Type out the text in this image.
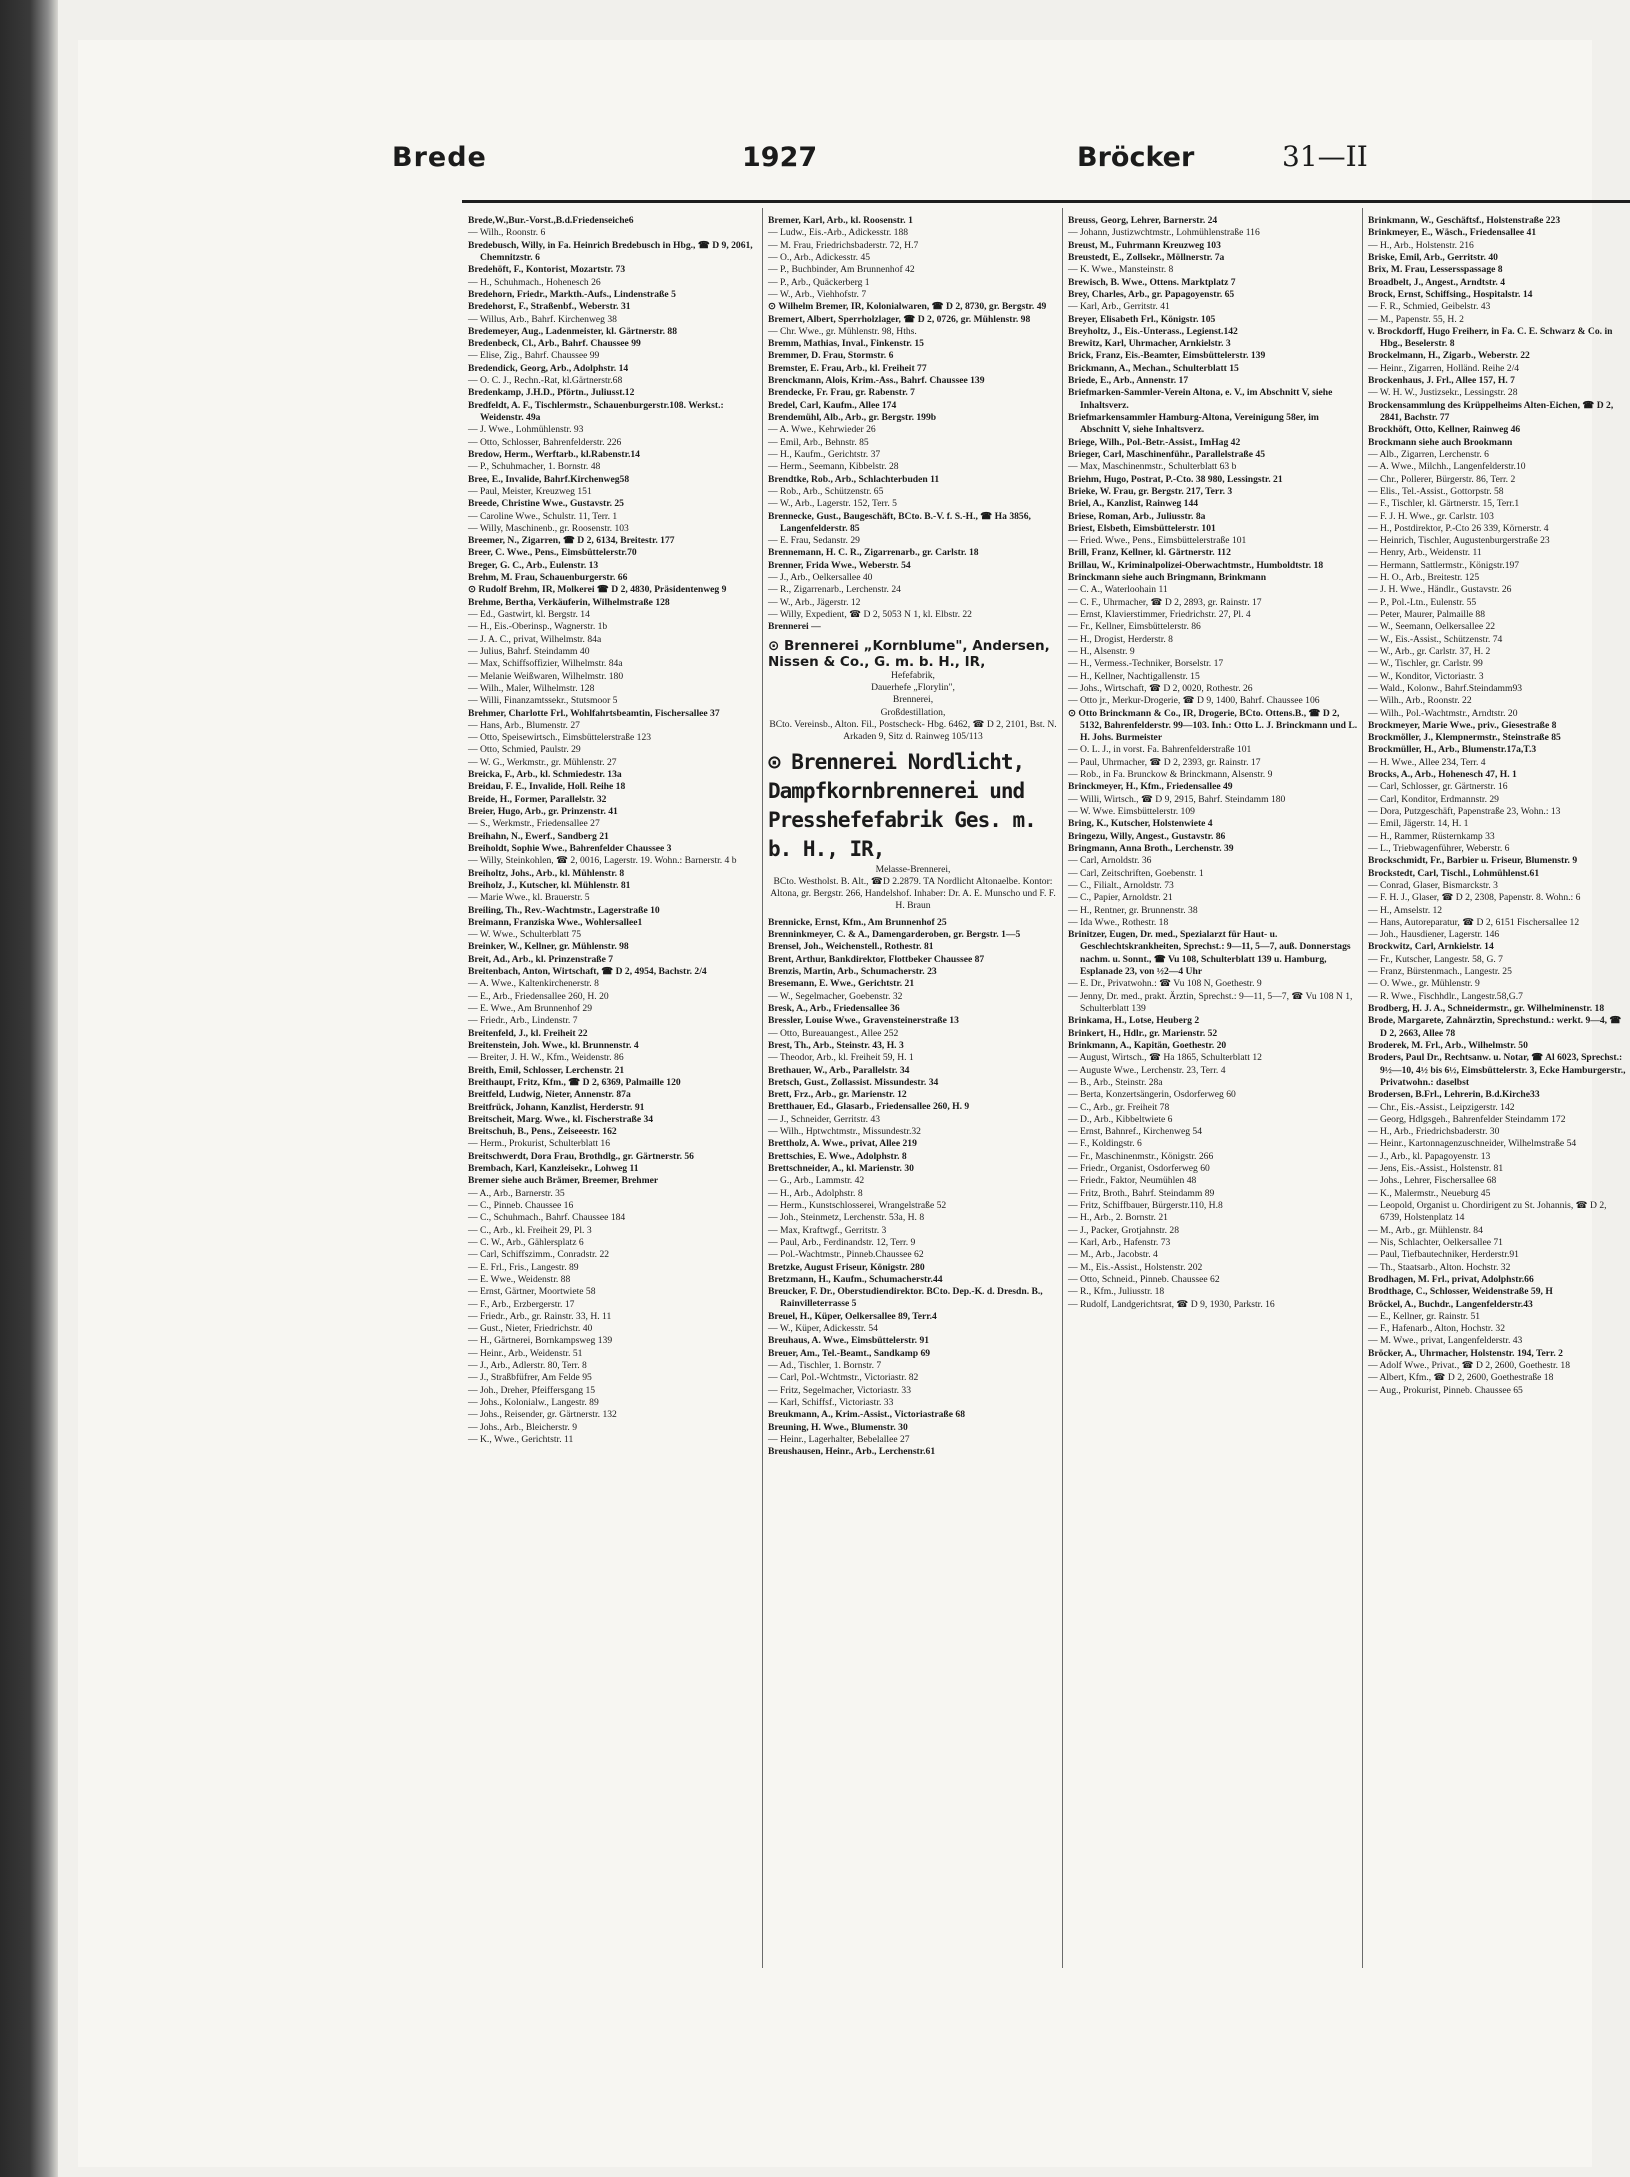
Brede	1927	Bröcker	31—II

Brede,W.,Bur.-Vorst.,B.d.Friedenseiche6

— Wilh., Roonstr. 6

Bredebusch, Willy, in Fa. Heinrich Bredebusch in Hbg., ☎ D 9, 2061, Chemnitzstr. 6

Bredehöft, F., Kontorist, Mozartstr. 73

— H., Schuhmach., Hohenesch 26

Bredehorn, Friedr., Markth.-Aufs., Lindenstraße 5

Bredehorst, F., Straßenbf., Weberstr. 31

— Willus, Arb., Bahrf. Kirchenweg 38

Bredemeyer, Aug., Ladenmeister, kl. Gärtnerstr. 88

Bredenbeck, Cl., Arb., Bahrf. Chaussee 99

— Elise, Zig., Bahrf. Chaussee 99

Bredendick, Georg, Arb., Adolphstr. 14

— O. C. J., Rechn.-Rat, kl.Gärtnerstr.68

Bredenkamp, J.H.D., Pförtn., Juliusst.12

Bredfeldt, A. F., Tischlermstr., Schauenburgerstr.108. Werkst.: Weidenstr. 49a

— J. Wwe., Lohmühlenstr. 93

— Otto, Schlosser, Bahrenfelderstr. 226

Bredow, Herm., Werftarb., kl.Rabenstr.14

— P., Schuhmacher, 1. Bornstr. 48

Bree, E., Invalide, Bahrf.Kirchenweg58

— Paul, Meister, Kreuzweg 151

Breede, Christine Wwe., Gustavstr. 25

— Caroline Wwe., Schulstr. 11, Terr. 1

— Willy, Maschinenb., gr. Roosenstr. 103

Breemer, N., Zigarren, ☎ D 2, 6134, Breitestr. 177

Breer, C. Wwe., Pens., Eimsbüttelerstr.70

Breger, G. C., Arb., Eulenstr. 13

Brehm, M. Frau, Schauenburgerstr. 66

⊙ Rudolf Brehm, IR, Molkerei ☎ D 2, 4830, Präsidentenweg 9

Brehme, Bertha, Verkäuferin, Wilhelmstraße 128

— Ed., Gastwirt, kl. Bergstr. 14

— H., Eis.-Oberinsp., Wagnerstr. 1b

— J. A. C., privat, Wilhelmstr. 84a

— Julius, Bahrf. Steindamm 40

— Max, Schiffsoffizier, Wilhelmstr. 84a

— Melanie Weißwaren, Wilhelmstr. 180

— Wilh., Maler, Wilhelmstr. 128

— Willi, Finanzamtssekr., Stutsmoor 5

Brehmer, Charlotte Frl., Wohlfahrtsbeamtin, Fischersallee 37

— Hans, Arb., Blumenstr. 27

— Otto, Speisewirtsch., Eimsbüttelerstraße 123

— Otto, Schmied, Paulstr. 29

— W. G., Werkmstr., gr. Mühlenstr. 27

Breicka, F., Arb., kl. Schmiedestr. 13a

Breidau, F. E., Invalide, Holl. Reihe 18

Breide, H., Former, Parallelstr. 32

Breier, Hugo, Arb., gr. Prinzenstr. 41

— S., Werkmstr., Friedensallee 27

Breihahn, N., Ewerf., Sandberg 21

Breiholdt, Sophie Wwe., Bahrenfelder Chaussee 3

— Willy, Steinkohlen, ☎ 2, 0016, Lagerstr. 19. Wohn.: Barnerstr. 4 b

Breiholtz, Johs., Arb., kl. Mühlenstr. 8

Breiholz, J., Kutscher, kl. Mühlenstr. 81

— Marie Wwe., kl. Brauerstr. 5

Breiling, Th., Rev.-Wachtmstr., Lagerstraße 10

Breimann, Franziska Wwe., Wohlersallee1

— W. Wwe., Schulterblatt 75

Breinker, W., Kellner, gr. Mühlenstr. 98

Breit, Ad., Arb., kl. Prinzenstraße 7

Breitenbach, Anton, Wirtschaft, ☎ D 2, 4954, Bachstr. 2/4

— A. Wwe., Kaltenkirchenerstr. 8

— E., Arb., Friedensallee 260, H. 20

— E. Wwe., Am Brunnenhof 29

— Friedr., Arb., Lindenstr. 7

Breitenfeld, J., kl. Freiheit 22

Breitenstein, Joh. Wwe., kl. Brunnenstr. 4

— Breiter, J. H. W., Kfm., Weidenstr. 86

Breith, Emil, Schlosser, Lerchenstr. 21

Breithaupt, Fritz, Kfm., ☎ D 2, 6369, Palmaille 120

Breitfeld, Ludwig, Nieter, Annenstr. 87a

Breitfrück, Johann, Kanzlist, Herderstr. 91

Breitscheit, Marg. Wwe., kl. Fischerstraße 34

Breitschuh, B., Pens., Zeiseeestr. 162

— Herm., Prokurist, Schulterblatt 16

Breitschwerdt, Dora Frau, Brothdlg., gr. Gärtnerstr. 56

Brembach, Karl, Kanzleisekr., Lohweg 11

Bremer siehe auch Brämer, Breemer, Brehmer

— A., Arb., Barnerstr. 35

— C., Pinneb. Chaussee 16

— C., Schuhmach., Bahrf. Chaussee 184

— C., Arb., kl. Freiheit 29, Pl. 3

— C. W., Arb., Gählersplatz 6

— Carl, Schiffszimm., Conradstr. 22

— E. Frl., Fris., Langestr. 89

— E. Wwe., Weidenstr. 88

— Ernst, Gärtner, Moortwiete 58

— F., Arb., Erzbergerstr. 17

— Friedr., Arb., gr. Rainstr. 33, H. 11

— Gust., Nieter, Friedrichstr. 40

— H., Gärtnerei, Bornkampsweg 139

— Heinr., Arb., Weidenstr. 51

— J., Arb., Adlerstr. 80, Terr. 8

— J., Straßbfüfrer, Am Felde 95

— Joh., Dreher, Pfeiffersgang 15

— Johs., Kolonialw., Langestr. 89

— Johs., Reisender, gr. Gärtnerstr. 132

— Johs., Arb., Bleicherstr. 9

— K., Wwe., Gerichtstr. 11

Bremer, Karl, Arb., kl. Roosenstr. 1

— Ludw., Eis.-Arb., Adickesstr. 188

— M. Frau, Friedrichsbaderstr. 72, H.7

— O., Arb., Adickesstr. 45

— P., Buchbinder, Am Brunnenhof 42

— P., Arb., Quäckerberg 1

— W., Arb., Viehhofstr. 7

⊙ Wilhelm Bremer, IR, Kolonialwaren, ☎ D 2, 8730, gr. Bergstr. 49

Bremert, Albert, Sperrholzlager, ☎ D 2, 0726, gr. Mühlenstr. 98

— Chr. Wwe., gr. Mühlenstr. 98, Hths.

Bremm, Mathias, Inval., Finkenstr. 15

Bremmer, D. Frau, Stormstr. 6

Bremster, E. Frau, Arb., kl. Freiheit 77

Brenckmann, Alois, Krim.-Ass., Bahrf. Chaussee 139

Brendecke, Fr. Frau, gr. Rabenstr. 7

Bredel, Carl, Kaufm., Allee 174

Brendemühl, Alb., Arb., gr. Bergstr. 199b

— A. Wwe., Kehrwieder 26

— Emil, Arb., Behnstr. 85

— H., Kaufm., Gerichtstr. 37

— Herm., Seemann, Kibbelstr. 28

Brendtke, Rob., Arb., Schlachterbuden 11

— Rob., Arb., Schützenstr. 65

— W., Arb., Lagerstr. 152, Terr. 5

Brennecke, Gust., Baugeschäft, BCto. B.-V. f. S.-H., ☎ Ha 3856, Langenfelderstr. 85

— E. Frau, Sedanstr. 29

Brennemann, H. C. R., Zigarrenarb., gr. Carlstr. 18

Brenner, Frida Wwe., Weberstr. 54

— J., Arb., Oelkersallee 40

— R., Zigarrenarb., Lerchenstr. 24

— W., Arb., Jägerstr. 12

— Willy, Expedient, ☎ D 2, 5053 N 1, kl. Elbstr. 22

Brennerei —

⊙ Brennerei „Kornblume", Andersen, Nissen & Co., G. m. b. H., IR,
Hefefabrik,
Dauerhefe „Florylin",
Brennerei,
Großdestillation,
BCto. Vereinsb., Alton. Fil., Postscheck- Hbg. 6462, ☎ D 2, 2101, Bst. N. Arkaden 9, Sitz d. Rainweg 105/113
⊙ Brennerei Nordlicht, Dampfkornbrennerei und Presshefefabrik Ges. m. b. H., IR,
Melasse-Brennerei,
BCto. Westholst. B. Alt., ☎D 2.2879. TA Nordlicht Altonaelbe. Kontor: Altona, gr. Bergstr. 266, Handelshof. Inhaber: Dr. A. E. Munscho und F. F. H. Braun

Brennicke, Ernst, Kfm., Am Brunnenhof 25

Brenninkmeyer, C. & A., Damengarderoben, gr. Bergstr. 1—5

Brensel, Joh., Weichenstell., Rothestr. 81

Brent, Arthur, Bankdirektor, Flottbeker Chaussee 87

Brenzis, Martin, Arb., Schumacherstr. 23

Bresemann, E. Wwe., Gerichtstr. 21

— W., Segelmacher, Goebenstr. 32

Bresk, A., Arb., Friedensallee 36

Bressler, Louise Wwe., Gravensteinerstraße 13

— Otto, Bureauangest., Allee 252

Brest, Th., Arb., Steinstr. 43, H. 3

— Theodor, Arb., kl. Freiheit 59, H. 1

Brethauer, W., Arb., Parallelstr. 34

Bretsch, Gust., Zollassist. Missundestr. 34

Brett, Frz., Arb., gr. Marienstr. 12

Bretthauer, Ed., Glasarb., Friedensallee 260, H. 9

— J., Schneider, Gerritstr. 43

— Wilh., Hptwchtmstr., Missundestr.32

Brettholz, A. Wwe., privat, Allee 219

Brettschies, E. Wwe., Adolphstr. 8

Brettschneider, A., kl. Marienstr. 30

— G., Arb., Lammstr. 42

— H., Arb., Adolphstr. 8

— Herm., Kunstschlosserei, Wrangelstraße 52

— Joh., Steinmetz, Lerchenstr. 53a, H. 8

— Max, Kraftwgf., Gerritstr. 3

— Paul, Arb., Ferdinandstr. 12, Terr. 9

— Pol.-Wachtmstr., Pinneb.Chaussee 62

Bretzke, August Friseur, Königstr. 280

Bretzmann, H., Kaufm., Schumacherstr.44

Breucker, F. Dr., Oberstudiendirektor. BCto. Dep.-K. d. Dresdn. B., Rainvilleterrasse 5

Breuel, H., Küper, Oelkersallee 89, Terr.4

— W., Küper, Adickesstr. 54

Breuhaus, A. Wwe., Eimsbüttelerstr. 91

Breuer, Am., Tel.-Beamt., Sandkamp 69

— Ad., Tischler, 1. Bornstr. 7

— Carl, Pol.-Wchtmstr., Victoriastr. 82

— Fritz, Segelmacher, Victoriastr. 33

— Karl, Schiffsf., Victoriastr. 33

Breukmann, A., Krim.-Assist., Victoriastraße 68

Breuning, H. Wwe., Blumenstr. 30

— Heinr., Lagerhalter, Bebelallee 27

Breushausen, Heinr., Arb., Lerchenstr.61

Breuss, Georg, Lehrer, Barnerstr. 24

— Johann, Justizwchtmstr., Lohmühlenstraße 116

Breust, M., Fuhrmann Kreuzweg 103

Breustedt, E., Zollsekr., Möllnerstr. 7a

— K. Wwe., Mansteinstr. 8

Brewisch, B. Wwe., Ottens. Marktplatz 7

Brey, Charles, Arb., gr. Papagoyenstr. 65

— Karl, Arb., Gerritstr. 41

Breyer, Elisabeth Frl., Königstr. 105

Breyholtz, J., Eis.-Unterass., Legienst.142

Brewitz, Karl, Uhrmacher, Arnkielstr. 3

Brick, Franz, Eis.-Beamter, Eimsbüttelerstr. 139

Brickmann, A., Mechan., Schulterblatt 15

Briede, E., Arb., Annenstr. 17

Briefmarken-Sammler-Verein Altona, e. V., im Abschnitt V, siehe Inhaltsverz.

Briefmarkensammler Hamburg-Altona, Vereinigung 58er, im Abschnitt V, siehe Inhaltsverz.

Briege, Wilh., Pol.-Betr.-Assist., ImHag 42

Brieger, Carl, Maschinenführ., Parallelstraße 45

— Max, Maschinenmstr., Schulterblatt 63 b

Briehm, Hugo, Postrat, P.-Cto. 38 980, Lessingstr. 21

Brieke, W. Frau, gr. Bergstr. 217, Terr. 3

Briel, A., Kanzlist, Rainweg 144

Briese, Roman, Arb., Juliusstr. 8a

Briest, Elsbeth, Eimsbüttelerstr. 101

— Fried. Wwe., Pens., Eimsbüttelerstraße 101

Brill, Franz, Kellner, kl. Gärtnerstr. 112

Brillau, W., Kriminalpolizei-Oberwachtmstr., Humboldtstr. 18

Brinckmann siehe auch Bringmann, Brinkmann

— C. A., Waterloohain 11

— C. F., Uhrmacher, ☎ D 2, 2893, gr. Rainstr. 17

— Ernst, Klavierstimmer, Friedrichstr. 27, Pl. 4

— Fr., Kellner, Eimsbüttelerstr. 86

— H., Drogist, Herderstr. 8

— H., Alsenstr. 9

— H., Vermess.-Techniker, Borselstr. 17

— H., Kellner, Nachtigallenstr. 15

— Johs., Wirtschaft, ☎ D 2, 0020, Rothestr. 26

— Otto jr., Merkur-Drogerie, ☎ D 9, 1400, Bahrf. Chaussee 106

⊙ Otto Brinckmann & Co., IR, Drogerie, BCto. Ottens.B., ☎ D 2, 5132, Bahrenfelderstr. 99—103. Inh.: Otto L. J. Brinckmann und L. H. Johs. Burmeister

— O. L. J., in vorst. Fa. Bahrenfelderstraße 101

— Paul, Uhrmacher, ☎ D 2, 2393, gr. Rainstr. 17

— Rob., in Fa. Brunckow & Brinckmann, Alsenstr. 9

Brinckmeyer, H., Kfm., Friedensallee 49

— Willi, Wirtsch., ☎ D 9, 2915, Bahrf. Steindamm 180

— W. Wwe. Eimsbüttelerstr. 109

Bring, K., Kutscher, Holstenwiete 4

Bringezu, Willy, Angest., Gustavstr. 86

Bringmann, Anna Broth., Lerchenstr. 39

— Carl, Arnoldstr. 36

— Carl, Zeitschriften, Goebenstr. 1

— C., Filialt., Arnoldstr. 73

— C., Papier, Arnoldstr. 21

— H., Rentner, gr. Brunnenstr. 38

— Ida Wwe., Rothestr. 18

Brinitzer, Eugen, Dr. med., Spezialarzt für Haut- u. Geschlechtskrankheiten, Sprechst.: 9—11, 5—7, auß. Donnerstags nachm. u. Sonnt., ☎ Vu 108, Schulterblatt 139 u. Hamburg, Esplanade 23, von ½2—4 Uhr

— E. Dr., Privatwohn.: ☎ Vu 108 N, Goethestr. 9

— Jenny, Dr. med., prakt. Ärztin, Sprechst.: 9—11, 5—7, ☎ Vu 108 N 1, Schulterblatt 139

Brinkama, H., Lotse, Heuberg 2

Brinkert, H., Hdlr., gr. Marienstr. 52

Brinkmann, A., Kapitän, Goethestr. 20

— August, Wirtsch., ☎ Ha 1865, Schulterblatt 12

— Auguste Wwe., Lerchenstr. 23, Terr. 4

— B., Arb., Steinstr. 28a

— Berta, Konzertsängerin, Osdorferweg 60

— C., Arb., gr. Freiheit 78

— D., Arb., Kibbeltwiete 6

— Ernst, Bahnref., Kirchenweg 54

— F., Koldingstr. 6

— Fr., Maschinenmstr., Königstr. 266

— Friedr., Organist, Osdorferweg 60

— Friedr., Faktor, Neumühlen 48

— Fritz, Broth., Bahrf. Steindamm 89

— Fritz, Schiffbauer, Bürgerstr.110, H.8

— H., Arb., 2. Bornstr. 21

— J., Packer, Grotjahnstr. 28

— Karl, Arb., Hafenstr. 73

— M., Arb., Jacobstr. 4

— M., Eis.-Assist., Holstenstr. 202

— Otto, Schneid., Pinneb. Chaussee 62

— R., Kfm., Juliusstr. 18

— Rudolf, Landgerichtsrat, ☎ D 9, 1930, Parkstr. 16

Brinkmann, W., Geschäftsf., Holstenstraße 223

Brinkmeyer, E., Wäsch., Friedensallee 41

— H., Arb., Holstenstr. 216

Briske, Emil, Arb., Gerritstr. 40

Brix, M. Frau, Lessersspassage 8

Broadbelt, J., Angest., Arndtstr. 4

Brock, Ernst, Schiffsing., Hospitalstr. 14

— F. R., Schmied, Geibelstr. 43

— M., Papenstr. 55, H. 2

v. Brockdorff, Hugo Freiherr, in Fa. C. E. Schwarz & Co. in Hbg., Beselerstr. 8

Brockelmann, H., Zigarb., Weberstr. 22

— Heinr., Zigarren, Holländ. Reihe 2/4

Brockenhaus, J. Frl., Allee 157, H. 7

— W. H. W., Justizsekr., Lessingstr. 28

Brockensammlung des Krüppelheims Alten-Eichen, ☎ D 2, 2841, Bachstr. 77

Brockhöft, Otto, Kellner, Rainweg 46

Brockmann siehe auch Brookmann

— Alb., Zigarren, Lerchenstr. 6

— A. Wwe., Milchh., Langenfelderstr.10

— Chr., Pollerer, Bürgerstr. 86, Terr. 2

— Elis., Tel.-Assist., Gottorpstr. 58

— F., Tischler, kl. Gärtnerstr. 15, Terr.1

— F. J. H. Wwe., gr. Carlstr. 103

— H., Postdirektor, P.-Cto 26 339, Körnerstr. 4

— Heinrich, Tischler, Augustenburgerstraße 23

— Henry, Arb., Weidenstr. 11

— Hermann, Sattlermstr., Königstr.197

— H. O., Arb., Breitestr. 125

— J. H. Wwe., Händlr., Gustavstr. 26

— P., Pol.-Ltn., Eulenstr. 55

— Peter, Maurer, Palmaille 88

— W., Seemann, Oelkersallee 22

— W., Eis.-Assist., Schützenstr. 74

— W., Arb., gr. Carlstr. 37, H. 2

— W., Tischler, gr. Carlstr. 99

— W., Konditor, Victoriastr. 3

— Wald., Kolonw., Bahrf.Steindamm93

— Wilh., Arb., Roonstr. 22

— Wilh., Pol.-Wachtmstr., Arndtstr. 20

Brockmeyer, Marie Wwe., priv., Giesestraße 8

Brockmöller, J., Klempnermstr., Steinstraße 85

Brockmüller, H., Arb., Blumenstr.17a,T.3

— H. Wwe., Allee 234, Terr. 4

Brocks, A., Arb., Hohenesch 47, H. 1

— Carl, Schlosser, gr. Gärtnerstr. 16

— Carl, Konditor, Erdmannstr. 29

— Dora, Putzgeschäft, Papenstraße 23, Wohn.: 13

— Emil, Jägerstr. 14, H. 1

— H., Rammer, Rüsternkamp 33

— L., Triebwagenführer, Weberstr. 6

Brockschmidt, Fr., Barbier u. Friseur, Blumenstr. 9

Brockstedt, Carl, Tischl., Lohmühlenst.61

— Conrad, Glaser, Bismarckstr. 3

— F. H. J., Glaser, ☎ D 2, 2308, Papenstr. 8. Wohn.: 6

— H., Amselstr. 12

— Hans, Autoreparatur, ☎ D 2, 6151 Fischersallee 12

— Joh., Hausdiener, Lagerstr. 146

Brockwitz, Carl, Arnkielstr. 14

— Fr., Kutscher, Langestr. 58, G. 7

— Franz, Bürstenmach., Langestr. 25

— O. Wwe., gr. Mühlenstr. 9

— R. Wwe., Fischhdlr., Langestr.58,G.7

Brodberg, H. J. A., Schneidermstr., gr. Wilhelminenstr. 18

Brode, Margarete, Zahnärztin, Sprechstund.: werkt. 9—4, ☎ D 2, 2663, Allee 78

Broderek, M. Frl., Arb., Wilhelmstr. 50

Broders, Paul Dr., Rechtsanw. u. Notar, ☎ Al 6023, Sprechst.: 9½—10, 4½ bis 6½, Eimsbüttelerstr. 3, Ecke Hamburgerstr., Privatwohn.: daselbst

Brodersen, B.Frl., Lehrerin, B.d.Kirche33

— Chr., Eis.-Assist., Leipzigerstr. 142

— Georg, Hdlgsgeh., Bahrenfelder Steindamm 172

— H., Arb., Friedrichsbaderstr. 30

— Heinr., Kartonnagenzuschneider, Wilhelmstraße 54

— J., Arb., kl. Papagoyenstr. 13

— Jens, Eis.-Assist., Holstenstr. 81

— Johs., Lehrer, Fischersallee 68

— K., Malermstr., Neueburg 45

— Leopold, Organist u. Chordirigent zu St. Johannis, ☎ D 2, 6739, Holstenplatz 14

— M., Arb., gr. Mühlenstr. 84

— Nis, Schlachter, Oelkersallee 71

— Paul, Tiefbautechniker, Herderstr.91

— Th., Staatsarb., Alton. Hochstr. 32

Brodhagen, M. Frl., privat, Adolphstr.66

Brodthage, C., Schlosser, Weidenstraße 59, H

Bröckel, A., Buchdr., Langenfelderstr.43

— E., Kellner, gr. Rainstr. 51

— F., Hafenarb., Alton, Hochstr. 32

— M. Wwe., privat, Langenfelderstr. 43

Bröcker, A., Uhrmacher, Holstenstr. 194, Terr. 2

— Adolf Wwe., Privat., ☎ D 2, 2600, Goethestr. 18

— Albert, Kfm., ☎ D 2, 2600, Goethestraße 18

— Aug., Prokurist, Pinneb. Chaussee 65
